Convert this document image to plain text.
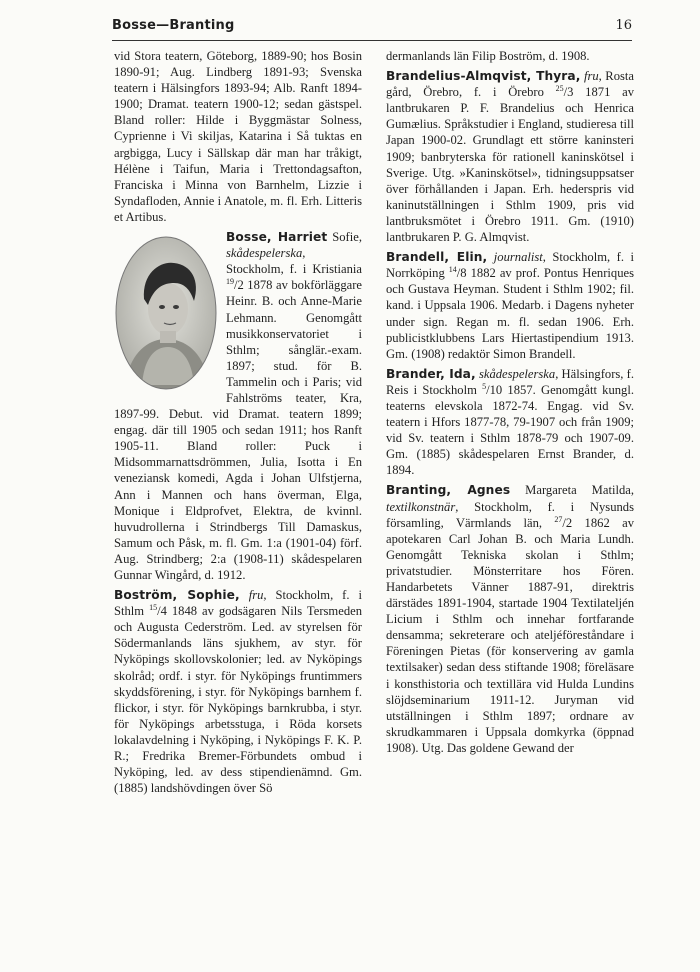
Bosse—Branting	16

vid Stora teatern, Göteborg, 1889-90; hos Bosin 1890-91; Aug. Lindberg 1891-93; Svenska teatern i Hälsingfors 1893-94; Alb. Ranft 1894-1900; Dramat. teatern 1900-12; sedan gästspel. Bland roller: Hilde i Byggmästar Solness, Cyprienne i Vi skiljas, Katarina i Så tuktas en argbigga, Lucy i Sällskap där man har tråkigt, Hélène i Taifun, Maria i Trettondagsafton, Franciska i Minna von Barnhelm, Lizzie i Syndafloden, Annie i Anatole, m. fl. Erh. Litteris et Artibus.

Bosse, Harriet Sofie, skådespelerska, Stockholm, f. i Kristiania $^{19}$/2 1878 av bokförläggare Heinr. B. och Anne-Marie Lehmann. Genomgått musikkonservatoriet i Sthlm; sånglär.-exam. 1897; stud. för B. Tammelin och i Paris; vid Fahlströms teater, Kra, 1897-99. Debut. vid Dramat. teatern 1899; engag. där till 1905 och sedan 1911; hos Ranft 1905-11. Bland roller: Puck i Midsommarnattsdrömmen, Julia, Isotta i En veneziansk komedi, Agda i Johan Ulfstjerna, Ann i Mannen och hans överman, Elga, Monique i Eldprofvet, Elektra, de kvinnl. huvudrollerna i Strindbergs Till Damaskus, Samum och Påsk, m. fl. Gm. 1:a (1901-04) förf. Aug. Strindberg; 2:a (1908-11) skådespelaren Gunnar Wingård, d. 1912.

Boström, Sophie, fru, Stockholm, f. i Sthlm $^{15}$/4 1848 av godsägaren Nils Tersmeden och Augusta Cederström. Led. av styrelsen för Södermanlands läns sjukhem, av styr. för Nyköpings skollovskolonier; led. av Nyköpings skolråd; ordf. i styr. för Nyköpings fruntimmers skyddsförening, i styr. för Nyköpings barnhem f. flickor, i styr. för Nyköpings barnkrubba, i styr. för Nyköpings arbetsstuga, i Röda korsets lokalavdelning i Nyköping, i Nyköpings F. K. P. R.; Fredrika Bremer-Förbundets ombud i Nyköping, led. av dess stipendienämnd. Gm. (1885) landshövdingen över Sö

dermanlands län Filip Boström, d. 1908.

Brandelius-Almqvist, Thyra, fru, Rosta gård, Örebro, f. i Örebro $^{25}$/3 1871 av lantbrukaren P. F. Brandelius och Henrica Gumælius. Språkstudier i England, studieresa till Japan 1900-02. Grundlagt ett större kaninsteri 1909; banbryterska för rationell kaninskötsel i Sverige. Utg. »Kaninskötsel», tidningsuppsatser över förhållanden i Japan. Erh. hederspris vid kaninutställningen i Sthlm 1909, pris vid lantbruksmötet i Örebro 1911. Gm. (1910) lantbrukaren P. G. Almqvist.

Brandell, Elin, journalist, Stockholm, f. i Norrköping $^{14}$/8 1882 av prof. Pontus Henriques och Gustava Heyman. Student i Sthlm 1902; fil. kand. i Uppsala 1906. Medarb. i Dagens nyheter under sign. Regan m. fl. sedan 1906. Erh. publicistklubbens Lars Hiertastipendium 1913. Gm. (1908) redaktör Simon Brandell.

Brander, Ida, skådespelerska, Hälsingfors, f. Reis i Stockholm $^5$/10 1857. Genomgått kungl. teaterns elevskola 1872-74. Engag. vid Sv. teatern i Hfors 1877-78, 79-1907 och från 1909; vid Sv. teatern i Sthlm 1878-79 och 1907-09. Gm. (1885) skådespelaren Ernst Brander, d. 1894.

Branting, Agnes Margareta Matilda, textilkonstnär, Stockholm, f. i Nysunds församling, Värmlands län, $^{27}$/2 1862 av apotekaren Carl Johan B. och Maria Lundh. Genomgått Tekniska skolan i Sthlm; privatstudier. Mönsterritare hos Fören. Handarbetets Vänner 1887-91, direktris därstädes 1891-1904, startade 1904 Textilateljén Licium i Sthlm och innehar fortfarande densamma; sekreterare och ateljéföreståndare i Föreningen Pietas (för konservering av gamla textilsaker) sedan dess stiftande 1908; föreläsare i konsthistoria och textillära vid Hulda Lundins slöjdseminarium 1911-12. Juryman vid utställningen i Sthlm 1897; ordnare av skrudkammaren i Uppsala domkyrka (öppnad 1908). Utg. Das goldene Gewand der
